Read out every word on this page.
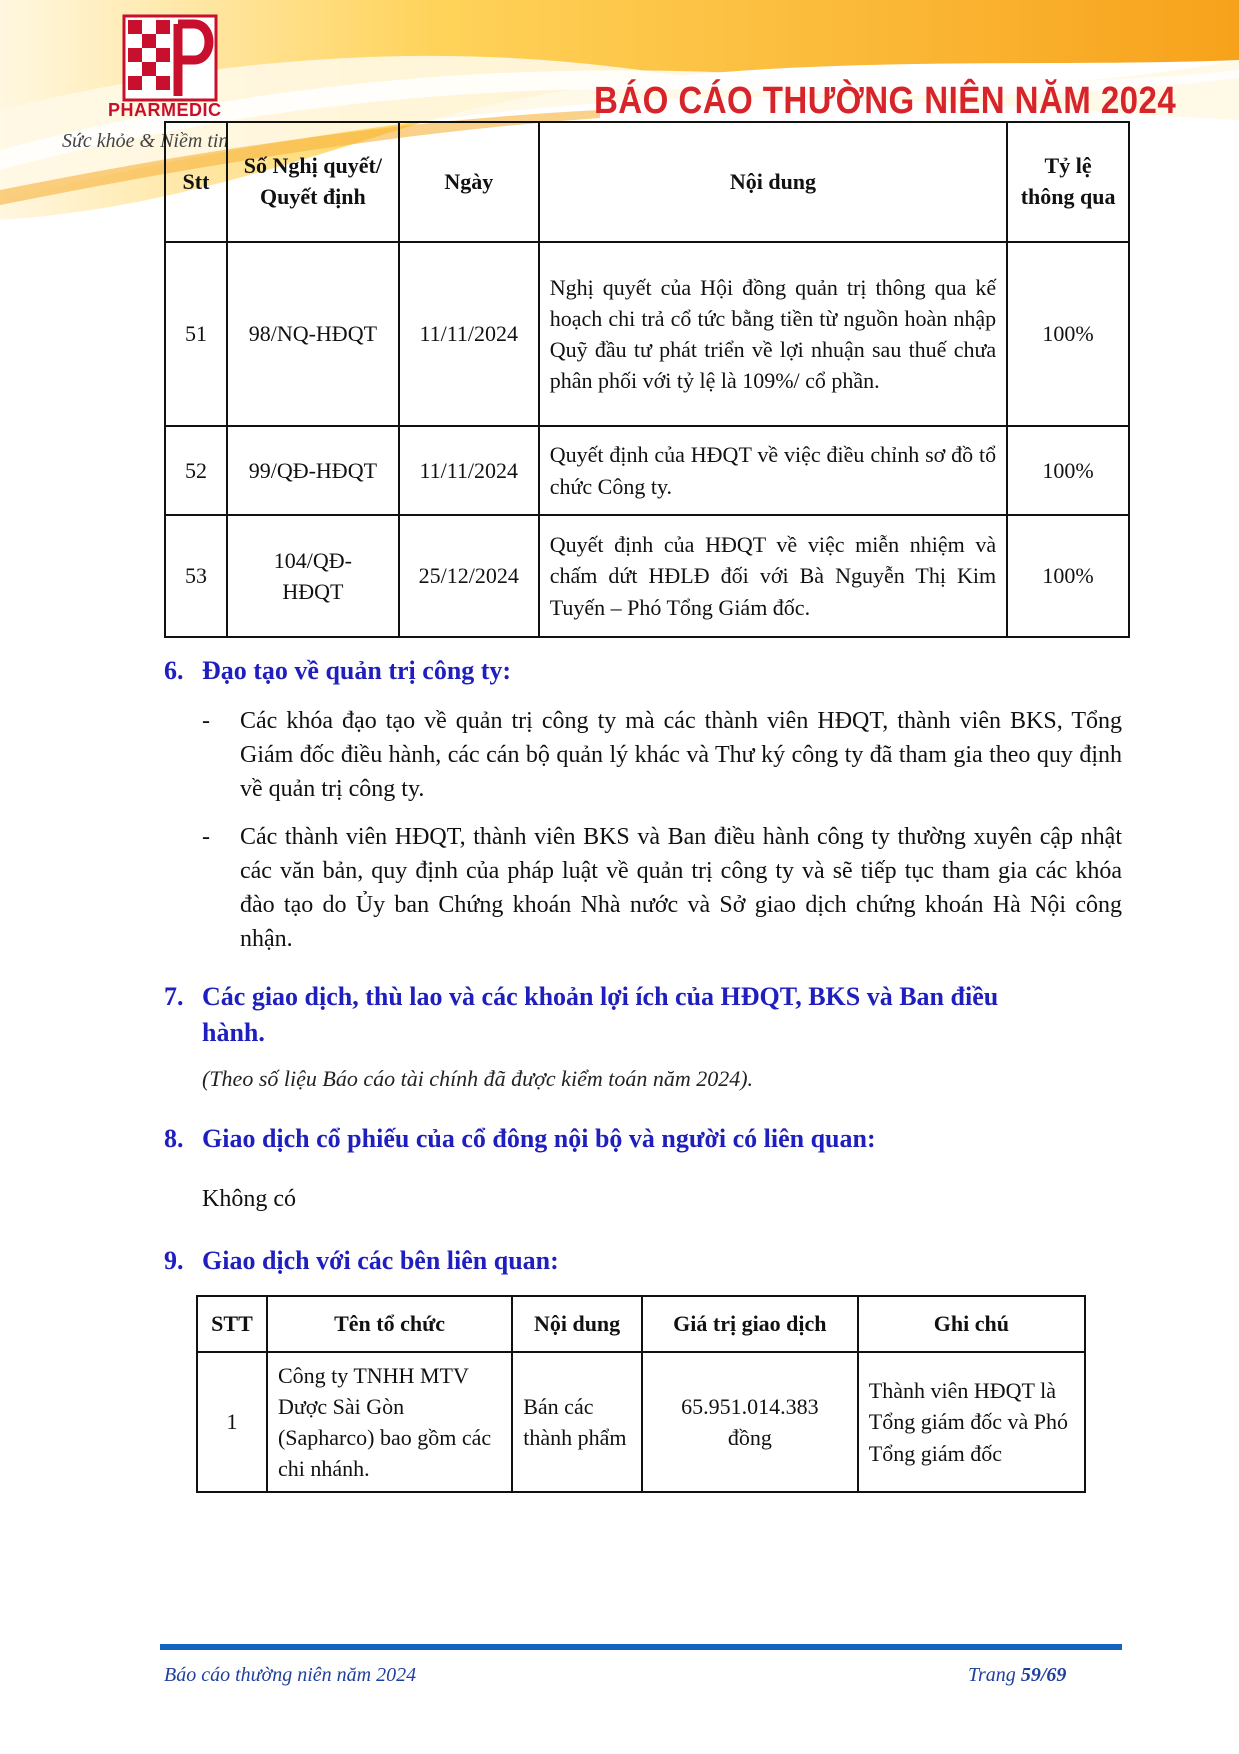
PHARMEDIC
Sức khỏe & Niềm tin
BÁO CÁO THƯỜNG NIÊN NĂM 2024
Stt	Số Nghị quyết/ Quyết định	Ngày	Nội dung	Tỷ lệ thông qua
51	98/NQ-HĐQT	11/11/2024	Nghị quyết của Hội đồng quản trị thông qua kế hoạch chi trả cổ tức bằng tiền từ nguồn hoàn nhập Quỹ đầu tư phát triển về lợi nhuận sau thuế chưa phân phối với tỷ lệ là 109%/ cổ phần.	100%
52	99/QĐ-HĐQT	11/11/2024	Quyết định của HĐQT về việc điều chỉnh sơ đồ tổ chức Công ty.	100%
53	104/QĐ-HĐQT	25/12/2024	Quyết định của HĐQT về việc miễn nhiệm và chấm dứt HĐLĐ đối với Bà Nguyễn Thị Kim Tuyến – Phó Tổng Giám đốc.	100%
6. Đạo tạo về quản trị công ty:
- Các khóa đạo tạo về quản trị công ty mà các thành viên HĐQT, thành viên BKS, Tổng Giám đốc điều hành, các cán bộ quản lý khác và Thư ký công ty đã tham gia theo quy định về quản trị công ty.
- Các thành viên HĐQT, thành viên BKS và Ban điều hành công ty thường xuyên cập nhật các văn bản, quy định của pháp luật về quản trị công ty và sẽ tiếp tục tham gia các khóa đào tạo do Ủy ban Chứng khoán Nhà nước và Sở giao dịch chứng khoán Hà Nội công nhận.
7. Các giao dịch, thù lao và các khoản lợi ích của HĐQT, BKS và Ban điều
hành.
(Theo số liệu Báo cáo tài chính đã được kiểm toán năm 2024).
8. Giao dịch cổ phiếu của cổ đông nội bộ và người có liên quan:
Không có
9. Giao dịch với các bên liên quan:
STT	Tên tổ chức	Nội dung	Giá trị giao dịch	Ghi chú
1	Công ty TNHH MTV Dược Sài Gòn (Sapharco) bao gồm các chi nhánh.	Bán các thành phẩm	65.951.014.383 đồng	Thành viên HĐQT là Tổng giám đốc và Phó Tổng giám đốc
Báo cáo thường niên năm 2024	Trang 59/69
